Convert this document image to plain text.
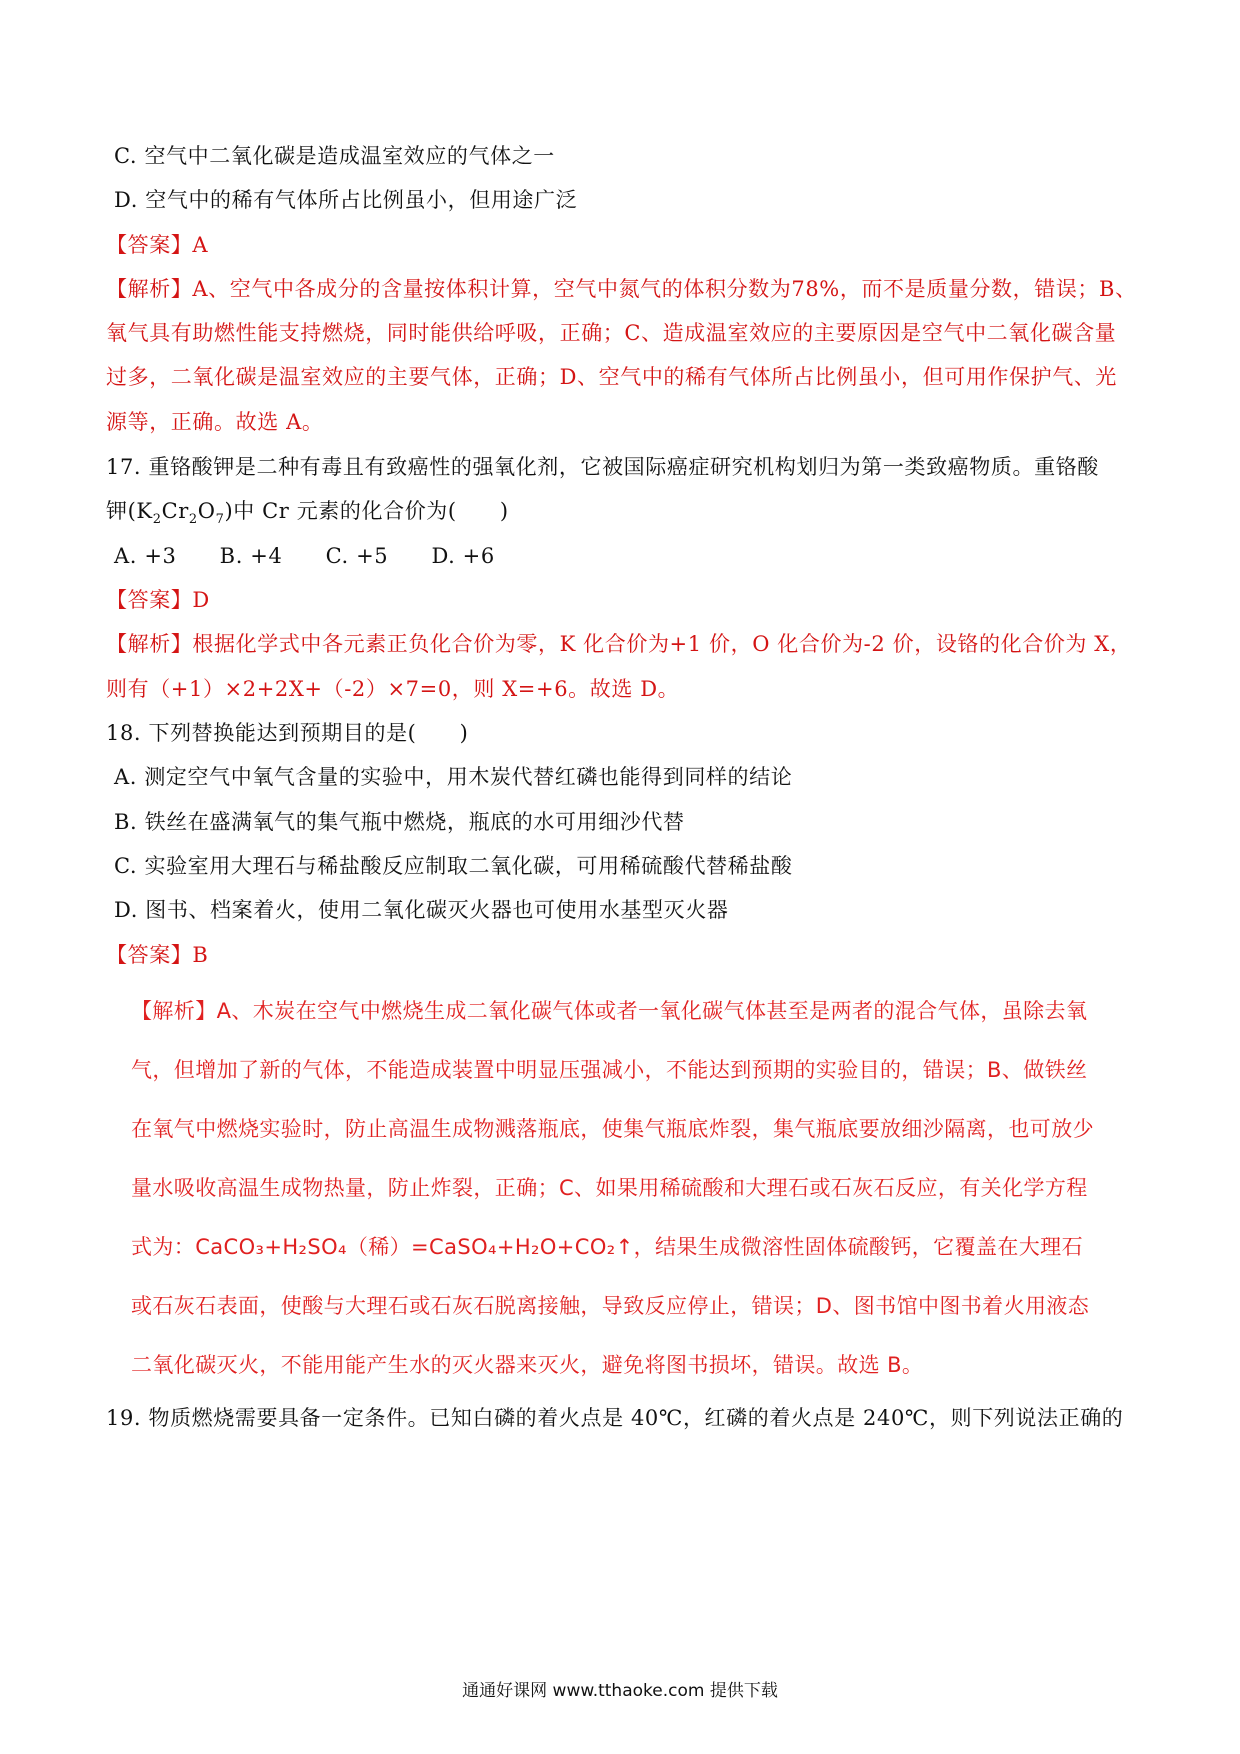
C. 空气中二氧化碳是造成温室效应的气体之一
D. 空气中的稀有气体所占比例虽小，但用途广泛
【答案】A
【解析】A、空气中各成分的含量按体积计算，空气中氮气的体积分数为78%，而不是质量分数，错误；B、
氧气具有助燃性能支持燃烧，同时能供给呼吸，正确；C、造成温室效应的主要原因是空气中二氧化碳含量
过多，二氧化碳是温室效应的主要气体，正确；D、空气中的稀有气体所占比例虽小，但可用作保护气、光
源等，正确。故选 A。
17. 重铬酸钾是二种有毒且有致癌性的强氧化剂，它被国际癌症研究机构划归为第一类致癌物质。重铬酸
钾$(K_2Cr_2O_7)$中 Cr 元素的化合价为(　　)
A. +3　　B. +4　　C. +5　　D. +6
【答案】D
【解析】根据化学式中各元素正负化合价为零，K 化合价为+1 价，O 化合价为-2 价，设铬的化合价为 X，
则有（+1）×2+2X+（-2）×7=0，则 X=+6。故选 D。
18. 下列替换能达到预期目的是(　　)
A. 测定空气中氧气含量的实验中，用木炭代替红磷也能得到同样的结论
B. 铁丝在盛满氧气的集气瓶中燃烧，瓶底的水可用细沙代替
C. 实验室用大理石与稀盐酸反应制取二氧化碳，可用稀硫酸代替稀盐酸
D. 图书、档案着火，使用二氧化碳灭火器也可使用水基型灭火器
【答案】B
【解析】A、木炭在空气中燃烧生成二氧化碳气体或者一氧化碳气体甚至是两者的混合气体，虽除去氧
气，但增加了新的气体，不能造成装置中明显压强减小，不能达到预期的实验目的，错误；B、做铁丝
在氧气中燃烧实验时，防止高温生成物溅落瓶底，使集气瓶底炸裂，集气瓶底要放细沙隔离，也可放少
量水吸收高温生成物热量，防止炸裂，正确；C、如果用稀硫酸和大理石或石灰石反应，有关化学方程
式为：CaCO₃+H₂SO₄（稀）=CaSO₄+H₂O+CO₂↑，结果生成微溶性固体硫酸钙，它覆盖在大理石
或石灰石表面，使酸与大理石或石灰石脱离接触，导致反应停止，错误；D、图书馆中图书着火用液态
二氧化碳灭火，不能用能产生水的灭火器来灭火，避免将图书损坏，错误。故选 B。
19. 物质燃烧需要具备一定条件。已知白磷的着火点是 40℃，红磷的着火点是 240℃，则下列说法正确的
通通好课网 www.tthaoke.com 提供下载
